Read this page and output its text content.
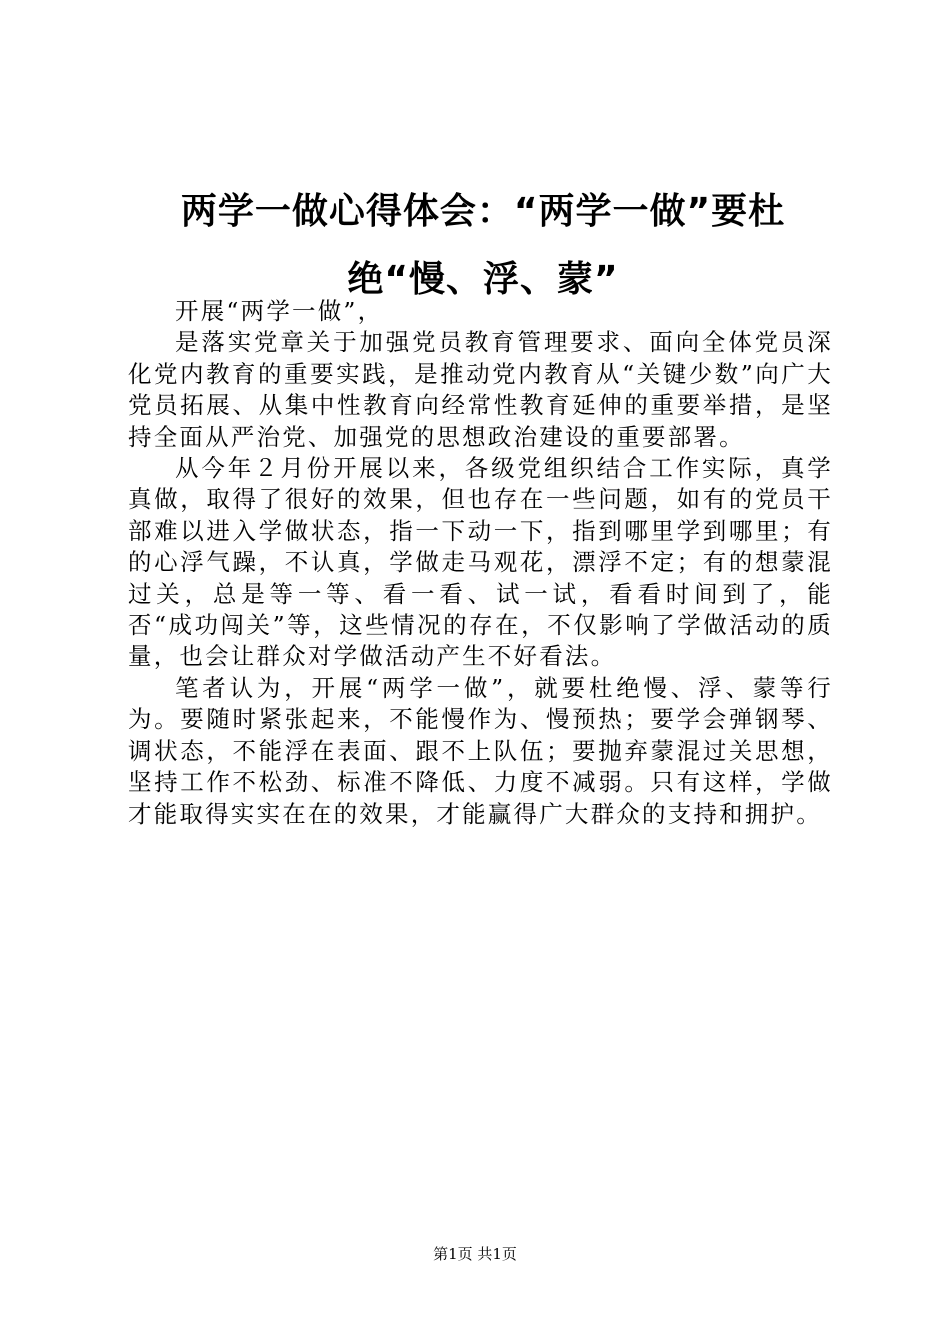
两学一做心得体会：“两学一做”要杜绝“慢、浮、蒙”

开展“两学一做”，

是落实党章关于加强党员教育管理要求、面向全体党员深化党内教育的重要实践，是推动党内教育从“关键少数”向广大党员拓展、从集中性教育向经常性教育延伸的重要举措，是坚持全面从严治党、加强党的思想政治建设的重要部署。

从今年２月份开展以来，各级党组织结合工作实际，真学真做，取得了很好的效果，但也存在一些问题，如有的党员干部难以进入学做状态，指一下动一下，指到哪里学到哪里；有的心浮气躁，不认真，学做走马观花，漂浮不定；有的想蒙混过关，总是等一等、看一看、试一试，看看时间到了，能否“成功闯关”等，这些情况的存在，不仅影响了学做活动的质量，也会让群众对学做活动产生不好看法。

笔者认为，开展“两学一做”，就要杜绝慢、浮、蒙等行为。要随时紧张起来，不能慢作为、慢预热；要学会弹钢琴、调状态，不能浮在表面、跟不上队伍；要抛弃蒙混过关思想，坚持工作不松劲、标准不降低、力度不减弱。只有这样，学做才能取得实实在在的效果，才能赢得广大群众的支持和拥护。

第1页 共1页
